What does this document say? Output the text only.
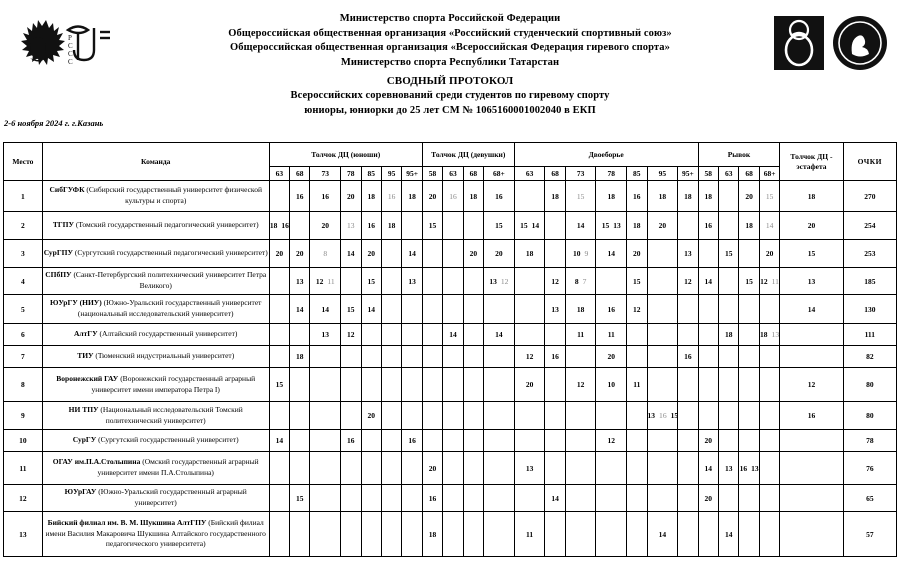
Р
С
С
С
Министерство спорта Российской Федерации
Общероссийская общественная организация «Российский студенческий спортивный союз»
Общероссийская общественная организация «Всероссийская Федерация гиревого спорта»
Министерство спорта Республики Татарстан
СВОДНЫЙ ПРОТОКОЛ
Всероссийских соревнований среди студентов по гиревому спорту
юниоры, юниорки до 25 лет СМ № 1065160001002040 в ЕКП
2-6 ноября 2024 г. г.Казань
Место	Команда	Толчок ДЦ (юноши)							Толчок ДЦ (девушки)				Двоеборье							Рывок				Толчок ДЦ - эстафета	ОЧКИ
		63	68	73	78	85	95	95+	58	63	68	68+	63	68	73	78	85	95	95+	58	63	68	68+		
1	СибГУФК (Сибирский государственный университет физической культуры и спорта)		16	16	20	18	16	18	20	16	18	16		18	15	18	16	18	18	18		20	15	18	270
2	ТГПУ (Томский государственный педагогический университет)	18 16		20	13	16	18		15			15	15 14		14	15 13	18	20		16		18	14	20	254
3	СурГПУ (Сургутский государственный педагогический университет)	20	20	8	14	20		14			20	20	18		10 9	14	20		13		15		20	15	253
4	СПбПУ (Санкт-Петербургский политехнический университет Петра Великого)		13	12 11		15		13				13 12		12	8 7		15		12	14		15	12 11	13	185
5	ЮУрГУ (НИУ) (Южно-Уральский государственный университет (национальный исследовательский университет)		14	14	15	14								13	18	16	12							14	130
6	АлтГУ (Алтайский государственный университет)			13	12					14		14			11	11					18		18 13		111
7	ТИУ (Тюменский индустриальный университет)		18										12	16		20			16						82
8	Воронежский ГАУ (Воронежский государственный аграрный университет имени императора Петра I)	15											20		12	10	11							12	80
9	НИ ТПУ (Национальный исследовательский Томский политехнический университет)					20												13 16 15						16	80
10	СурГУ (Сургутский государственный университет)	14			16			16								12				20					78
11	ОГАУ им.П.А.Столыпина (Омский государственный аграрный университет имени П.А.Столыпина)								20				13							14	13	16 13			76
12	ЮУрГАУ (Южно-Уральский государственный аграрный университет)		15						16					14						20					65
13	Бийский филиал им. В. М. Шукшина АлтГПУ (Бийский филиал имени Василия Макаровича Шукшина Алтайского государственного педагогического университета)								18				11					14			14				57
